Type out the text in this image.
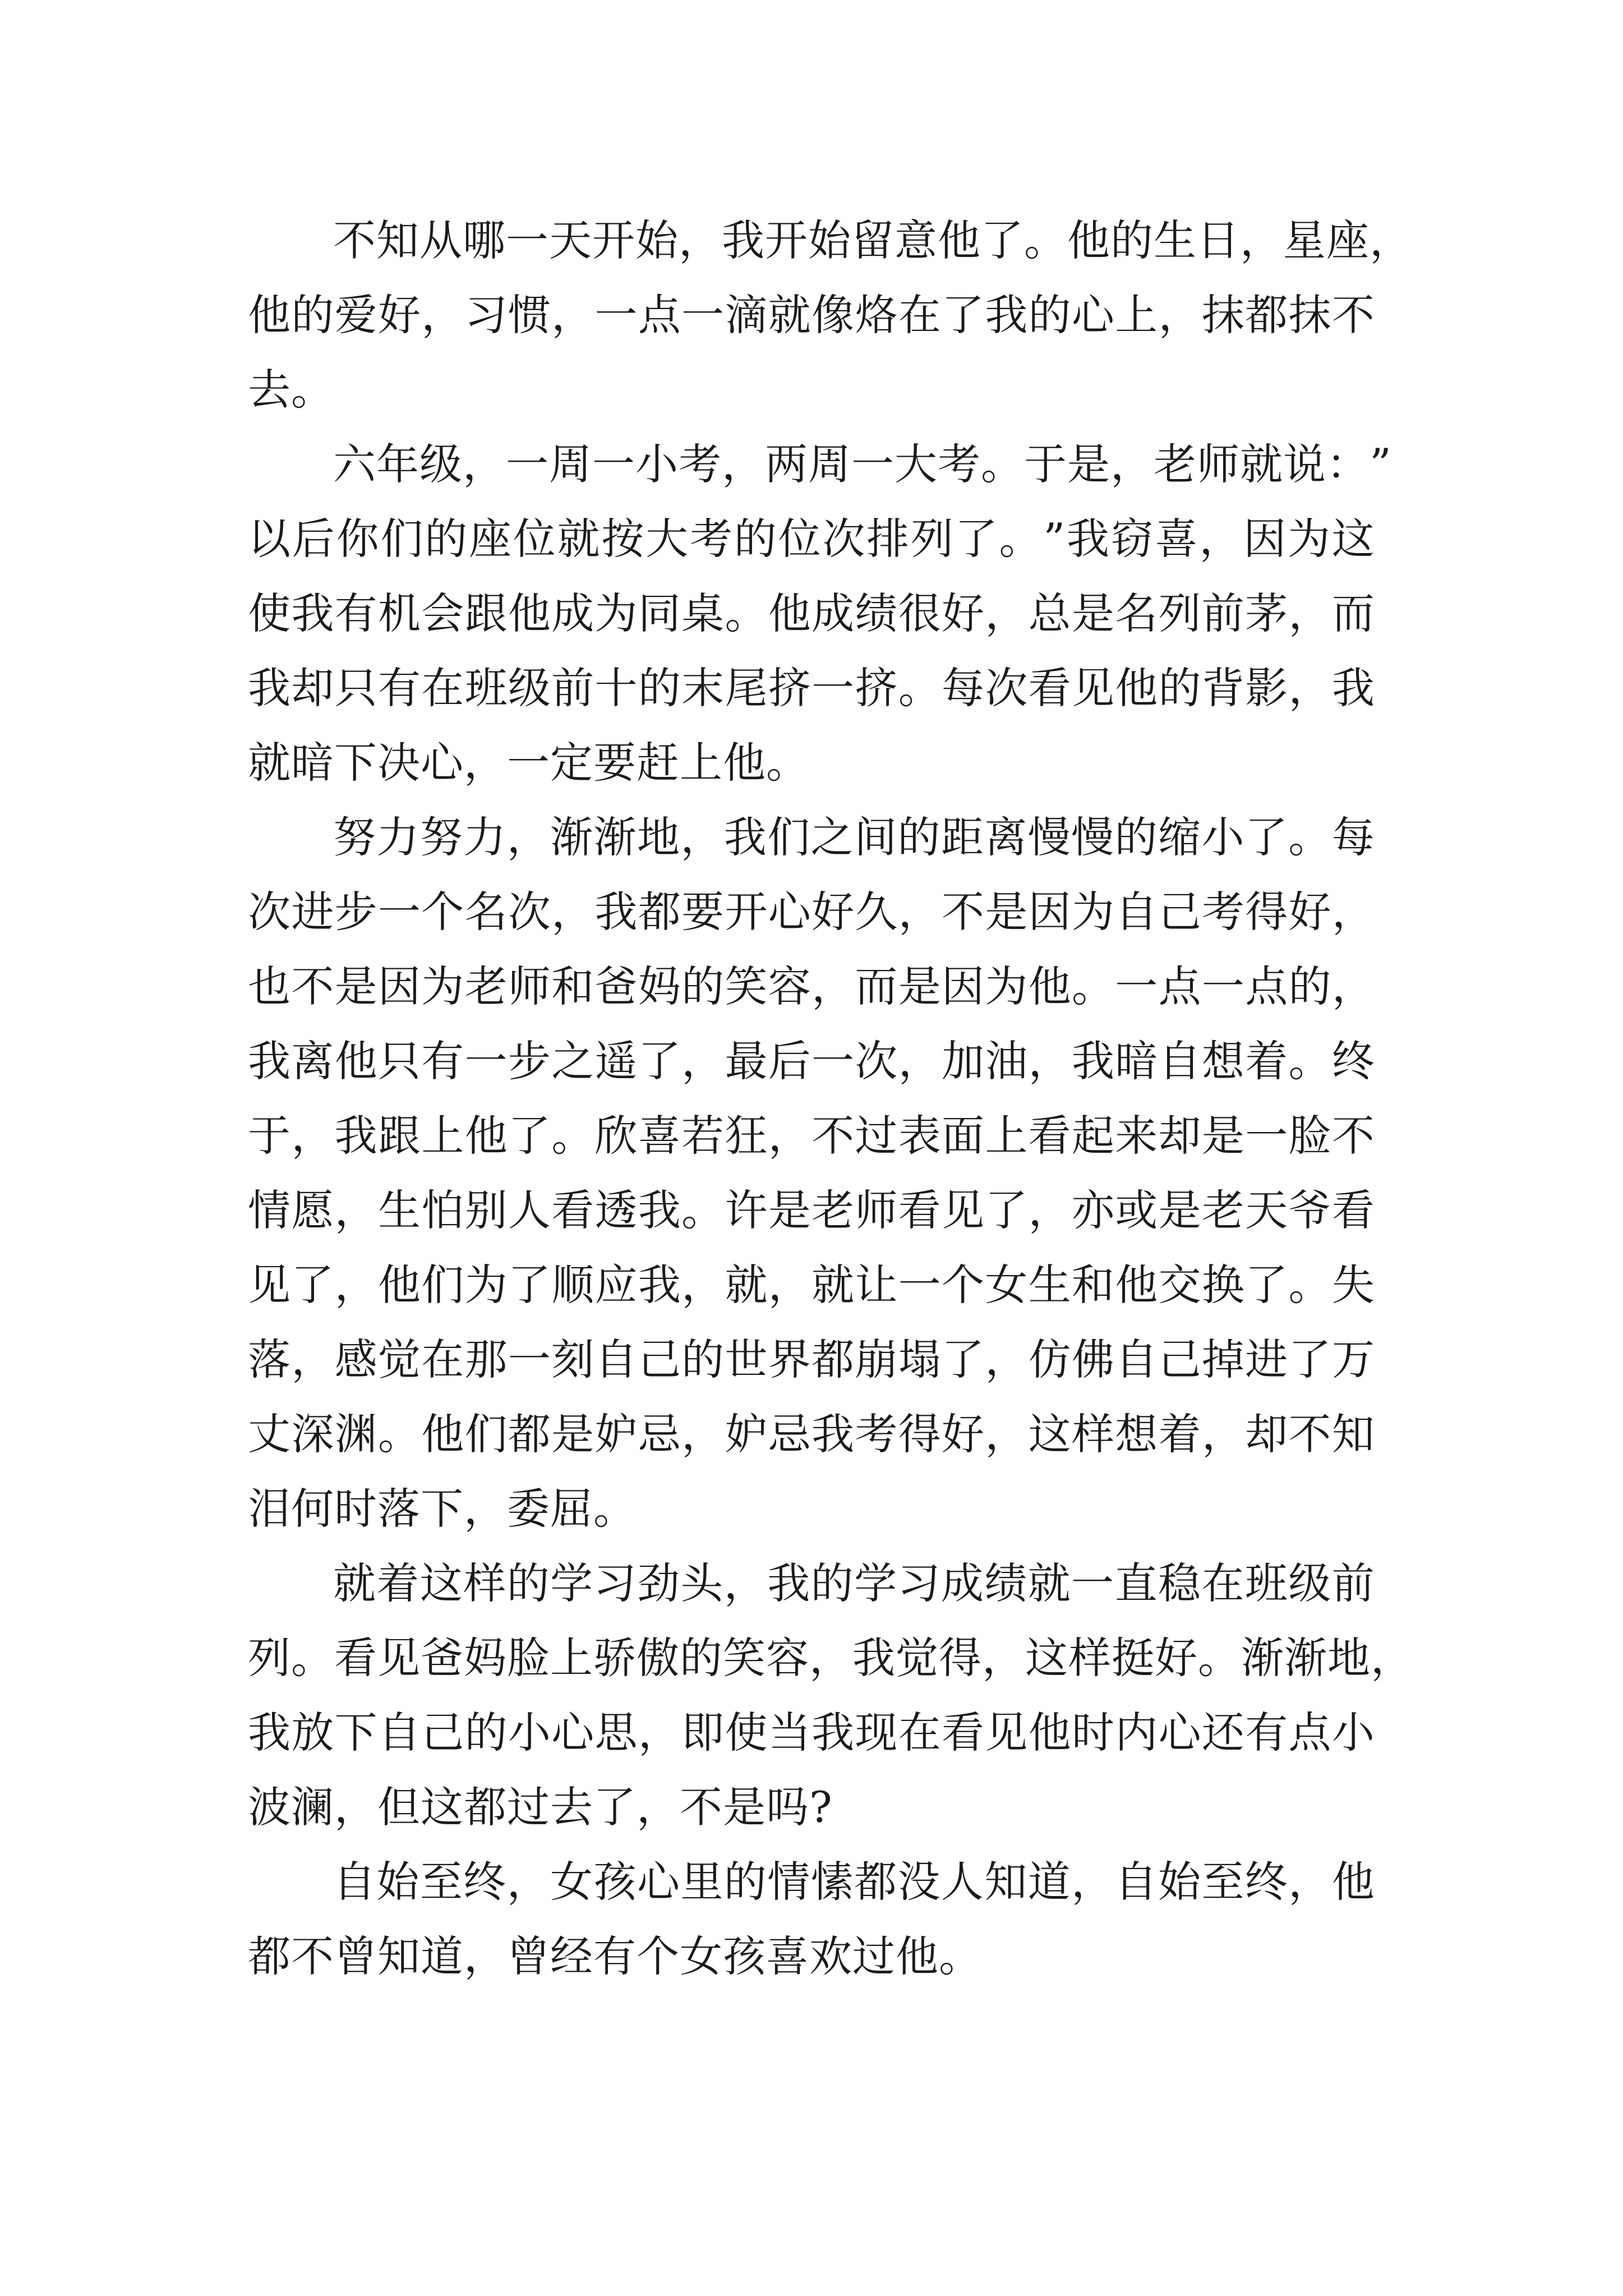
不 知 从 哪 一 天 开 始 ， 我 开 始 留 意 他 了 。 他 的 生 日 ， 星 座 ，
他 的 爱 好 ， 习 惯 ， 一 点 一 滴 就 像 烙 在 了 我 的 心 上 ， 抹 都 抹 不
去。
六 年 级 ， 一 周 一 小 考 ， 两 周 一 大 考 。 于 是 ， 老 师 就 说 ： ”
以 后 你 们 的 座 位 就 按 大 考 的 位 次 排 列 了 。 ” 我 窃 喜 ， 因 为 这
使 我 有 机 会 跟 他 成 为 同 桌 。 他 成 绩 很 好 ， 总 是 名 列 前 茅 ， 而
我 却 只 有 在 班 级 前 十 的 末 尾 挤 一 挤 。 每 次 看 见 他 的 背 影 ， 我
就暗下决心，一定要赶上他。
努 力 努 力 ， 渐 渐 地 ， 我 们 之 间 的 距 离 慢 慢 的 缩 小 了 。 每
次 进 步 一 个 名 次 ， 我 都 要 开 心 好 久 ， 不 是 因 为 自 己 考 得 好 ，
也 不 是 因 为 老 师 和 爸 妈 的 笑 容 ， 而 是 因 为 他 。 一 点 一 点 的 ，
我 离 他 只 有 一 步 之 遥 了 ， 最 后 一 次 ， 加 油 ， 我 暗 自 想 着 。 终
于 ， 我 跟 上 他 了 。 欣 喜 若 狂 ， 不 过 表 面 上 看 起 来 却 是 一 脸 不
情 愿 ， 生 怕 别 人 看 透 我 。 许 是 老 师 看 见 了 ， 亦 或 是 老 天 爷 看
见 了 ， 他 们 为 了 顺 应 我 ， 就 ， 就 让 一 个 女 生 和 他 交 换 了 。 失
落 ， 感 觉 在 那 一 刻 自 己 的 世 界 都 崩 塌 了 ， 仿 佛 自 己 掉 进 了 万
丈 深 渊 。 他 们 都 是 妒 忌 ， 妒 忌 我 考 得 好 ， 这 样 想 着 ， 却 不 知
泪何时落下，委屈。
就 着 这 样 的 学 习 劲 头 ， 我 的 学 习 成 绩 就 一 直 稳 在 班 级 前
列 。 看 见 爸 妈 脸 上 骄 傲 的 笑 容 ， 我 觉 得 ， 这 样 挺 好 。 渐 渐 地 ，
我 放 下 自 己 的 小 心 思 ， 即 使 当 我 现 在 看 见 他 时 内 心 还 有 点 小
波澜，但这都过去了，不是吗?
自 始 至 终 ， 女 孩 心 里 的 情 愫 都 没 人 知 道 ， 自 始 至 终 ， 他
都不曾知道，曾经有个女孩喜欢过他。
